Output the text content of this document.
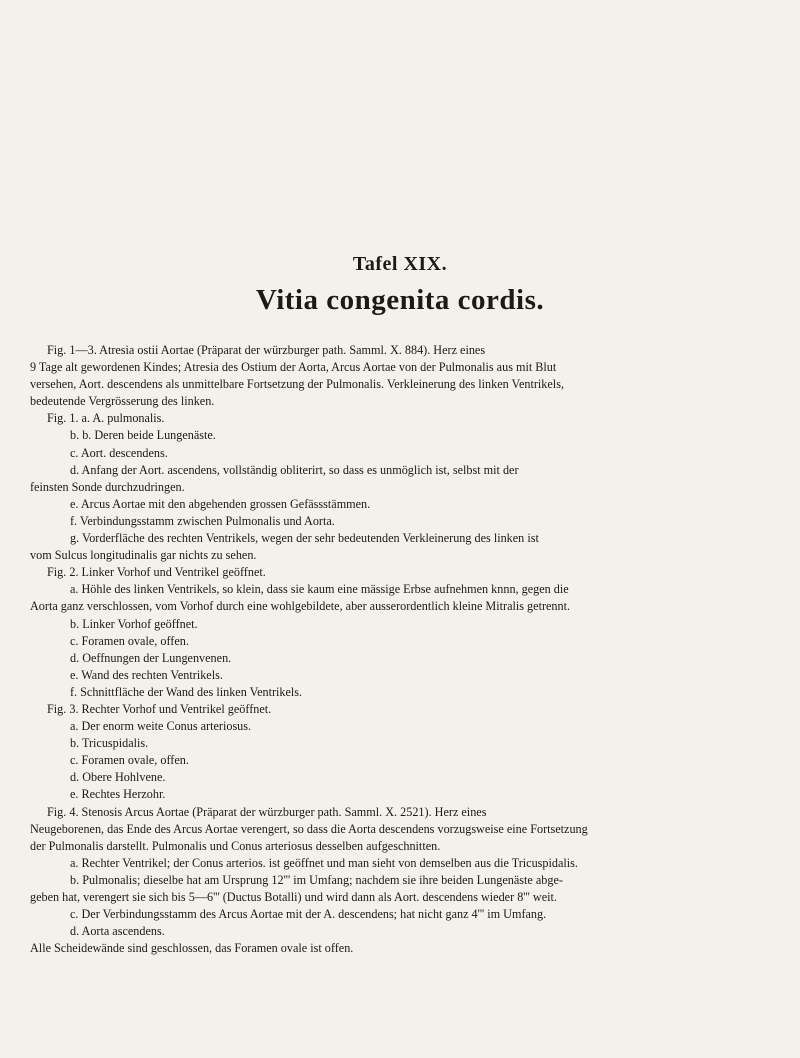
Tafel XIX.
Vitia congenita cordis.

Fig. 1—3. Atresia ostii Aortae (Präparat der würzburger path. Samml. X. 884). Herz eines

9 Tage alt gewordenen Kindes; Atresia des Ostium der Aorta, Arcus Aortae von der Pulmonalis aus mit Blut

versehen, Aort. descendens als unmittelbare Fortsetzung der Pulmonalis. Verkleinerung des linken Ventrikels,

bedeutende Vergrösserung des linken.

Fig. 1. a. A. pulmonalis.

b. b. Deren beide Lungenäste.

c. Aort. descendens.

d. Anfang der Aort. ascendens, vollständig obliterirt, so dass es unmöglich ist, selbst mit der

feinsten Sonde durchzudringen.

e. Arcus Aortae mit den abgehenden grossen Gefässstämmen.

f. Verbindungsstamm zwischen Pulmonalis und Aorta.

g. Vorderfläche des rechten Ventrikels, wegen der sehr bedeutenden Verkleinerung des linken ist

vom Sulcus longitudinalis gar nichts zu sehen.

Fig. 2. Linker Vorhof und Ventrikel geöffnet.

a. Höhle des linken Ventrikels, so klein, dass sie kaum eine mässige Erbse aufnehmen knnn, gegen die

Aorta ganz verschlossen, vom Vorhof durch eine wohlgebildete, aber ausserordentlich kleine Mitralis getrennt.

b. Linker Vorhof geöffnet.

c. Foramen ovale, offen.

d. Oeffnungen der Lungenvenen.

e. Wand des rechten Ventrikels.

f. Schnittfläche der Wand des linken Ventrikels.

Fig. 3. Rechter Vorhof und Ventrikel geöffnet.

a. Der enorm weite Conus arteriosus.

b. Tricuspidalis.

c. Foramen ovale, offen.

d. Obere Hohlvene.

e. Rechtes Herzohr.

Fig. 4. Stenosis Arcus Aortae (Präparat der würzburger path. Samml. X. 2521). Herz eines

Neugeborenen, das Ende des Arcus Aortae verengert, so dass die Aorta descendens vorzugsweise eine Fortsetzung

der Pulmonalis darstellt. Pulmonalis und Conus arteriosus desselben aufgeschnitten.

a. Rechter Ventrikel; der Conus arterios. ist geöffnet und man sieht von demselben aus die Tricuspidalis.

b. Pulmonalis; dieselbe hat am Ursprung 12''' im Umfang; nachdem sie ihre beiden Lungenäste abge-

geben hat, verengert sie sich bis 5—6''' (Ductus Botalli) und wird dann als Aort. descendens wieder 8''' weit.

c. Der Verbindungsstamm des Arcus Aortae mit der A. descendens; hat nicht ganz 4''' im Umfang.

d. Aorta ascendens.

Alle Scheidewände sind geschlossen, das Foramen ovale ist offen.
